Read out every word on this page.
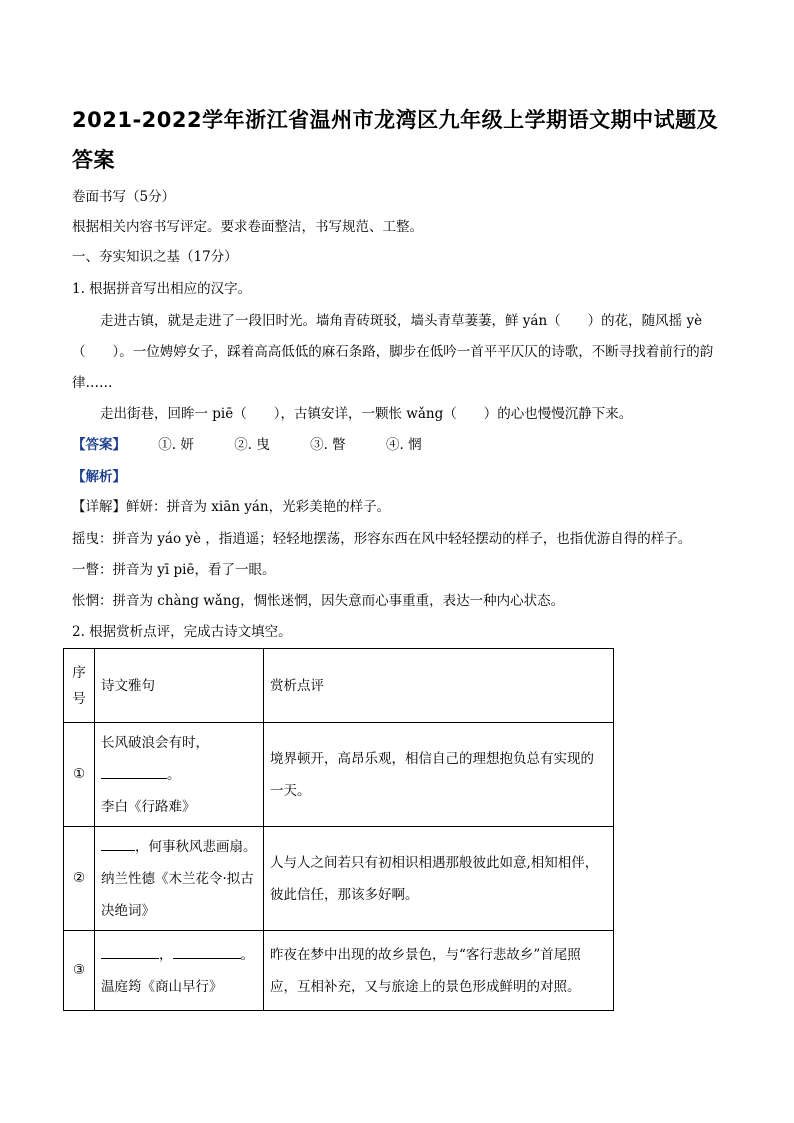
2021-2022学年浙江省温州市龙湾区九年级上学期语文期中试题及答案
卷面书写（5分）
根据相关内容书写评定。要求卷面整洁，书写规范、工整。
一、夯实知识之基（17分）
1. 根据拼音写出相应的汉字。
走进古镇，就是走进了一段旧时光。墙角青砖斑驳，墙头青草萋萋，鲜 yán（　　）的花，随风摇 yè（　　）。一位娉婷女子，踩着高高低低的麻石条路，脚步在低吟一首平平仄仄的诗歌，不断寻找着前行的韵律……
走出街巷，回眸一 piē（　　），古镇安详，一颗怅 wǎng（　　）的心也慢慢沉静下来。
【答案】 ①. 妍	②. 曳	③. 瞥	④. 惘
【解析】
【详解】鲜妍：拼音为 xiān yán，光彩美艳的样子。
摇曳：拼音为 yáo yè ，指逍遥；轻轻地摆荡，形容东西在风中轻轻摆动的样子，也指优游自得的样子。
一瞥：拼音为 yī piē，看了一眼。
怅惘：拼音为 chàng wǎng，惆怅迷惘，因失意而心事重重，表达一种内心状态。
2. 根据赏析点评，完成古诗文填空。
序号	诗文雅句	赏析点评
①	长风破浪会有时，
。
李白《行路难》	境界顿开，高昂乐观，相信自己的理想抱负总有实现的一天。
②	，何事秋风悲画扇。
纳兰性德《木兰花令·拟古决绝词》	人与人之间若只有初相识相遇那般彼此如意,相知相伴，彼此信任，那该多好啊。
③	， 。
温庭筠《商山早行》	昨夜在梦中出现的故乡景色，与“客行悲故乡”首尾照应，互相补充，又与旅途上的景色形成鲜明的对照。
